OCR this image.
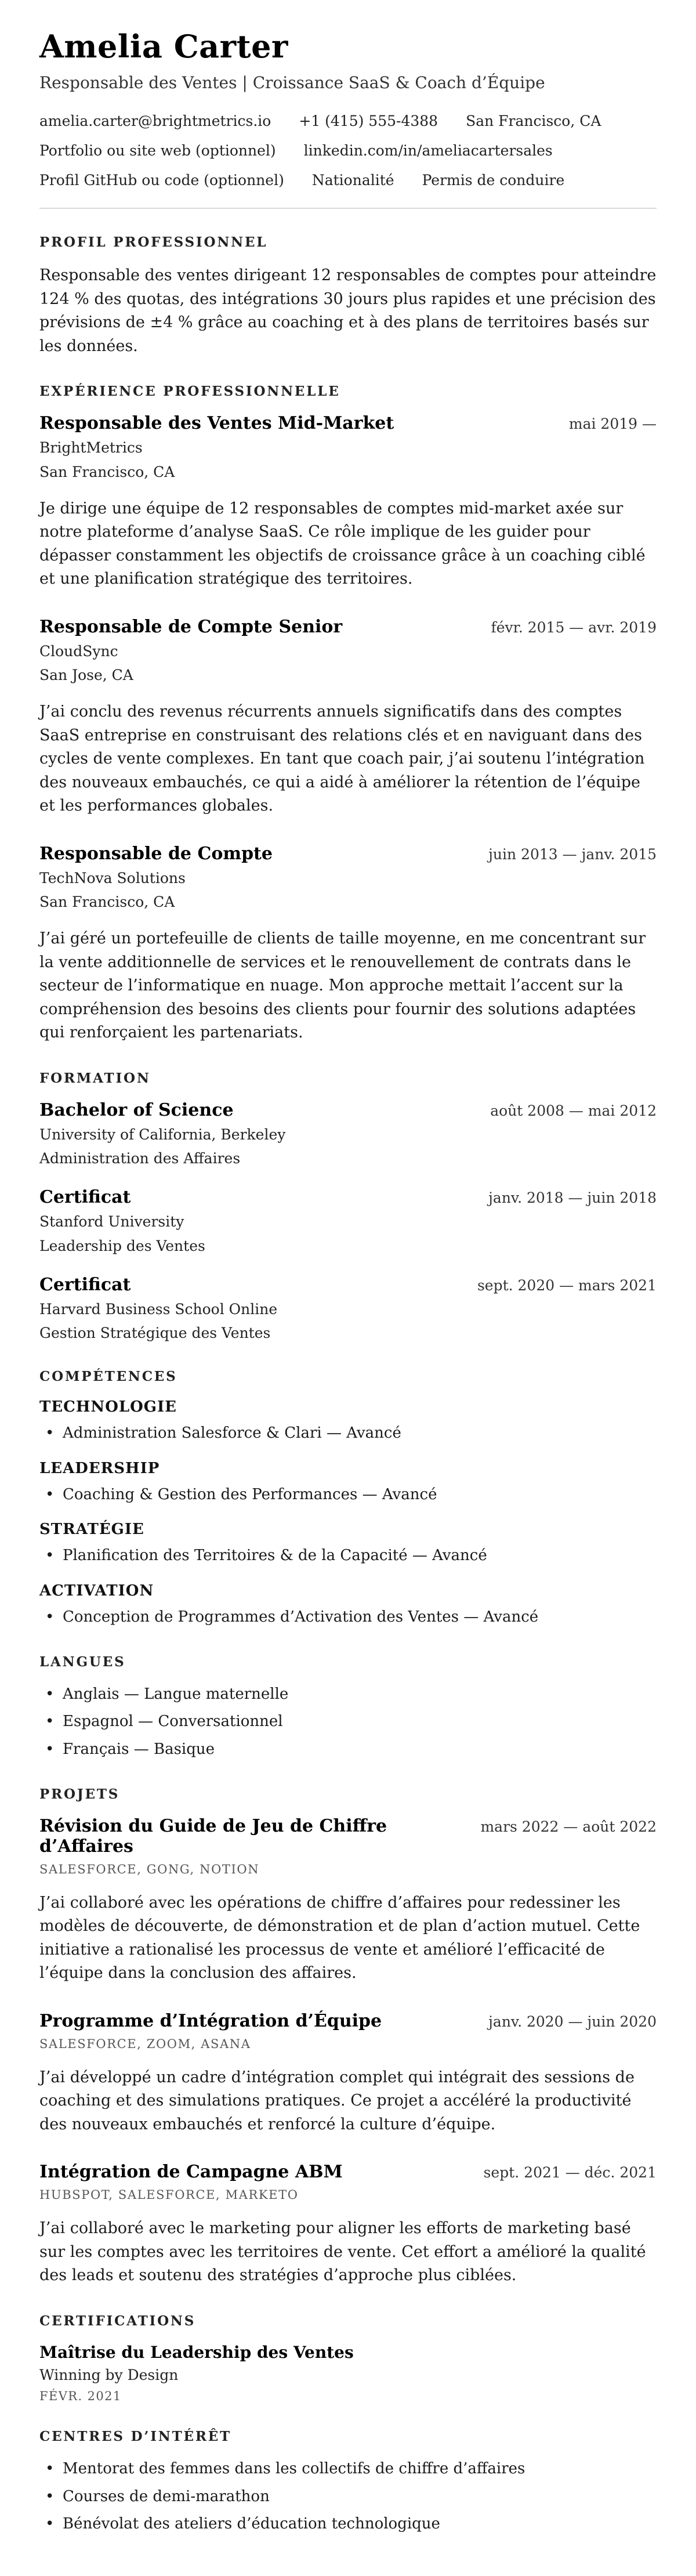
Amelia Carter
Responsable des Ventes | Croissance SaaS & Coach d’Équipe
amelia.carter@brightmetrics.io +1 (415) 555-4388 San Francisco, CA
Portfolio ou site web (optionnel) linkedin.com/in/ameliacartersales
Profil GitHub ou code (optionnel) Nationalité Permis de conduire
PROFIL PROFESSIONNEL

Responsable des ventes dirigeant 12 responsables de comptes pour atteindre 124 % des quotas, des intégrations 30 jours plus rapides et une précision des prévisions de ±4 % grâce au coaching et à des plans de territoires basés sur les données.

EXPÉRIENCE PROFESSIONNELLE
Responsable des Ventes Mid-Market	mai 2019 —
BrightMetrics
San Francisco, CA

Je dirige une équipe de 12 responsables de comptes mid-market axée sur notre plateforme d’analyse SaaS. Ce rôle implique de les guider pour dépasser constamment les objectifs de croissance grâce à un coaching ciblé et une planification stratégique des territoires.

Responsable de Compte Senior	févr. 2015 — avr. 2019
CloudSync
San Jose, CA

J’ai conclu des revenus récurrents annuels significatifs dans des comptes SaaS entreprise en construisant des relations clés et en naviguant dans des cycles de vente complexes. En tant que coach pair, j’ai soutenu l’intégration des nouveaux embauchés, ce qui a aidé à améliorer la rétention de l’équipe et les performances globales.

Responsable de Compte	juin 2013 — janv. 2015
TechNova Solutions
San Francisco, CA

J’ai géré un portefeuille de clients de taille moyenne, en me concentrant sur la vente additionnelle de services et le renouvellement de contrats dans le secteur de l’informatique en nuage. Mon approche mettait l’accent sur la compréhension des besoins des clients pour fournir des solutions adaptées qui renforçaient les partenariats.

FORMATION
Bachelor of Science	août 2008 — mai 2012
University of California, Berkeley
Administration des Affaires
Certificat	janv. 2018 — juin 2018
Stanford University
Leadership des Ventes
Certificat	sept. 2020 — mars 2021
Harvard Business School Online
Gestion Stratégique des Ventes
COMPÉTENCES
TECHNOLOGIE
• Administration Salesforce & Clari — Avancé
LEADERSHIP
• Coaching & Gestion des Performances — Avancé
STRATÉGIE
• Planification des Territoires & de la Capacité — Avancé
ACTIVATION
• Conception de Programmes d’Activation des Ventes — Avancé
LANGUES
• Anglais — Langue maternelle
• Espagnol — Conversationnel
• Français — Basique
PROJETS
Révision du Guide de Jeu de Chiffre d’Affaires
mars 2022 — août 2022
SALESFORCE, GONG, NOTION

J’ai collaboré avec les opérations de chiffre d’affaires pour redessiner les modèles de découverte, de démonstration et de plan d’action mutuel. Cette initiative a rationalisé les processus de vente et amélioré l’efficacité de l’équipe dans la conclusion des affaires.

Programme d’Intégration d’Équipe	janv. 2020 — juin 2020
SALESFORCE, ZOOM, ASANA

J’ai développé un cadre d’intégration complet qui intégrait des sessions de coaching et des simulations pratiques. Ce projet a accéléré la productivité des nouveaux embauchés et renforcé la culture d’équipe.

Intégration de Campagne ABM	sept. 2021 — déc. 2021
HUBSPOT, SALESFORCE, MARKETO

J’ai collaboré avec le marketing pour aligner les efforts de marketing basé sur les comptes avec les territoires de vente. Cet effort a amélioré la qualité des leads et soutenu des stratégies d’approche plus ciblées.

CERTIFICATIONS
Maîtrise du Leadership des Ventes
Winning by Design
FÉVR. 2021
CENTRES D’INTÉRÊT
• Mentorat des femmes dans les collectifs de chiffre d’affaires
• Courses de demi-marathon
• Bénévolat des ateliers d’éducation technologique
